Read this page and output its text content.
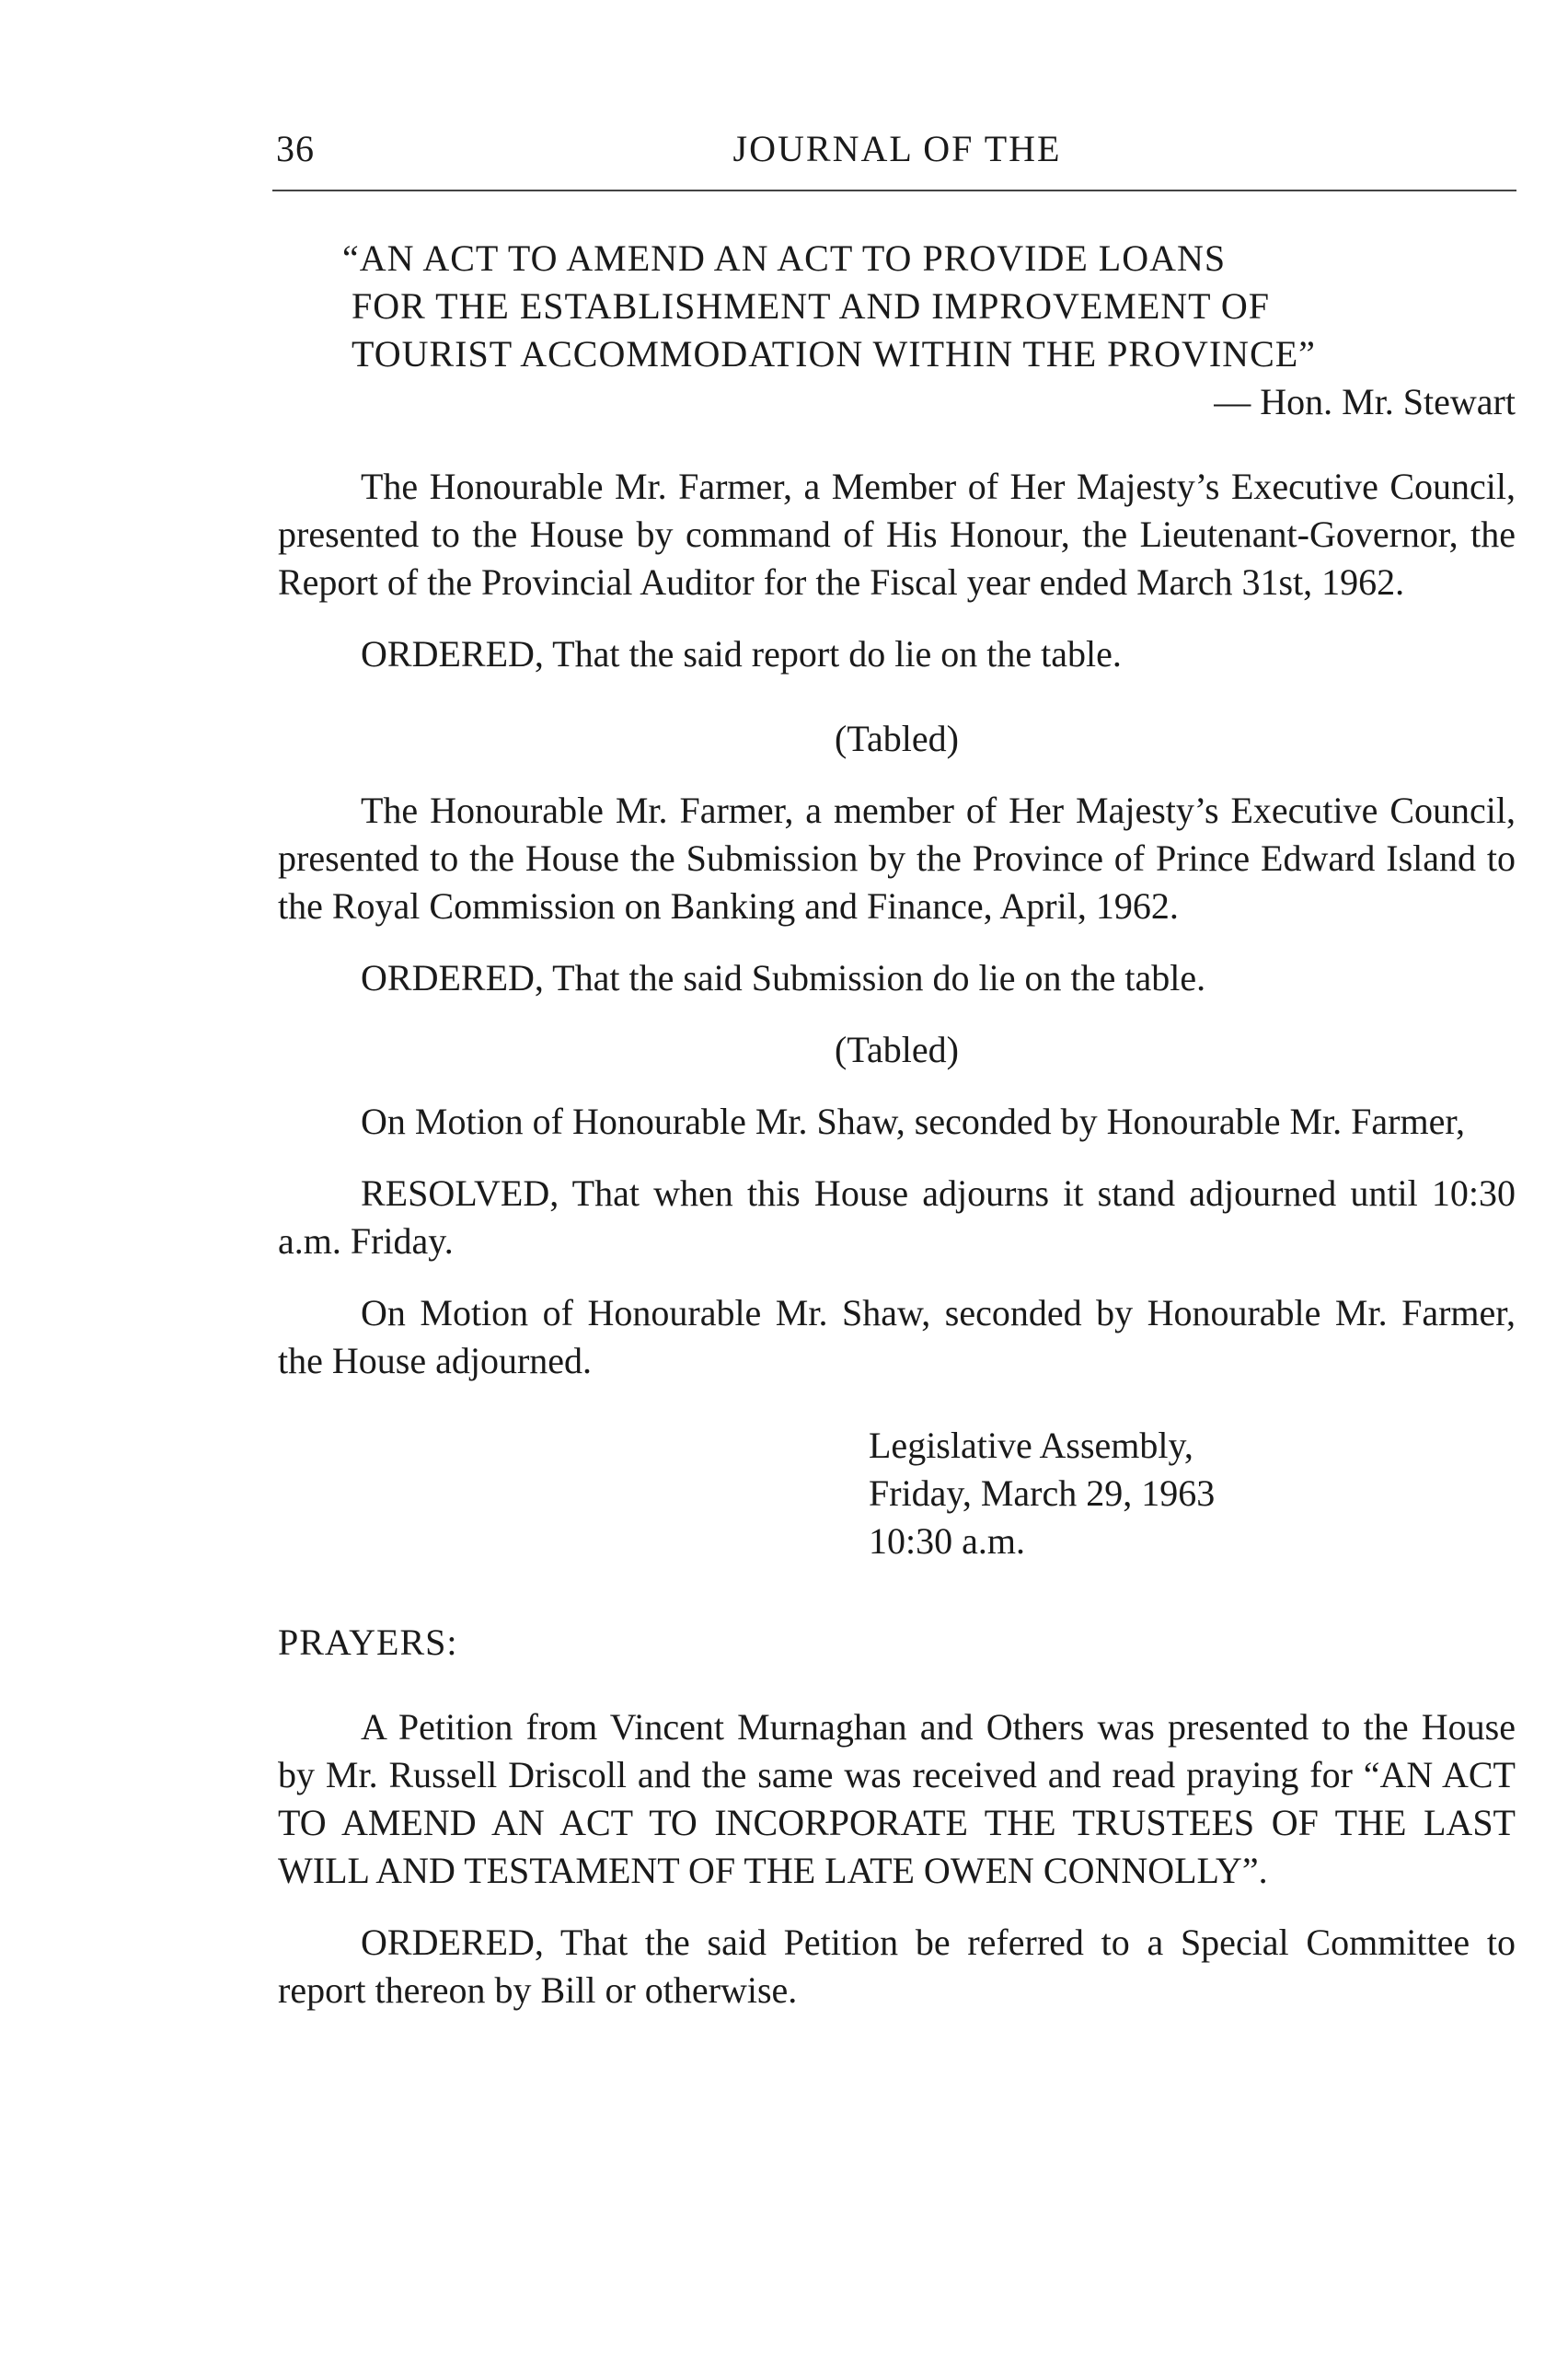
36	JOURNAL OF THE
“AN ACT TO AMEND AN ACT TO PROVIDE LOANS
FOR THE ESTABLISHMENT AND IMPROVEMENT OF
TOURIST ACCOMMODATION WITHIN THE PROVINCE”
— Hon. Mr. Stewart

The Honourable Mr. Farmer, a Member of Her Majesty’s Executive Council, presented to the House by command of His Honour, the Lieutenant-Governor, the Report of the Provincial Auditor for the Fiscal year ended March 31st, 1962.

ORDERED, That the said report do lie on the table.

(Tabled)

The Honourable Mr. Farmer, a member of Her Majesty’s Executive Council, presented to the House the Submission by the Province of Prince Edward Island to the Royal Commission on Banking and Finance, April, 1962.

ORDERED, That the said Submission do lie on the table.

(Tabled)

On Motion of Honourable Mr. Shaw, seconded by Honourable Mr. Farmer,

RESOLVED, That when this House adjourns it stand adjourned until 10:30 a.m. Friday.

On Motion of Honourable Mr. Shaw, seconded by Honourable Mr. Farmer, the House adjourned.

Legislative Assembly,
Friday, March 29, 1963
10:30 a.m.
PRAYERS:

A Petition from Vincent Murnaghan and Others was presented to the House by Mr. Russell Driscoll and the same was received and read praying for “AN ACT TO AMEND AN ACT TO INCORPORATE THE TRUSTEES OF THE LAST WILL AND TESTAMENT OF THE LATE OWEN CONNOLLY”.

ORDERED, That the said Petition be referred to a Special Committee to report thereon by Bill or otherwise.
